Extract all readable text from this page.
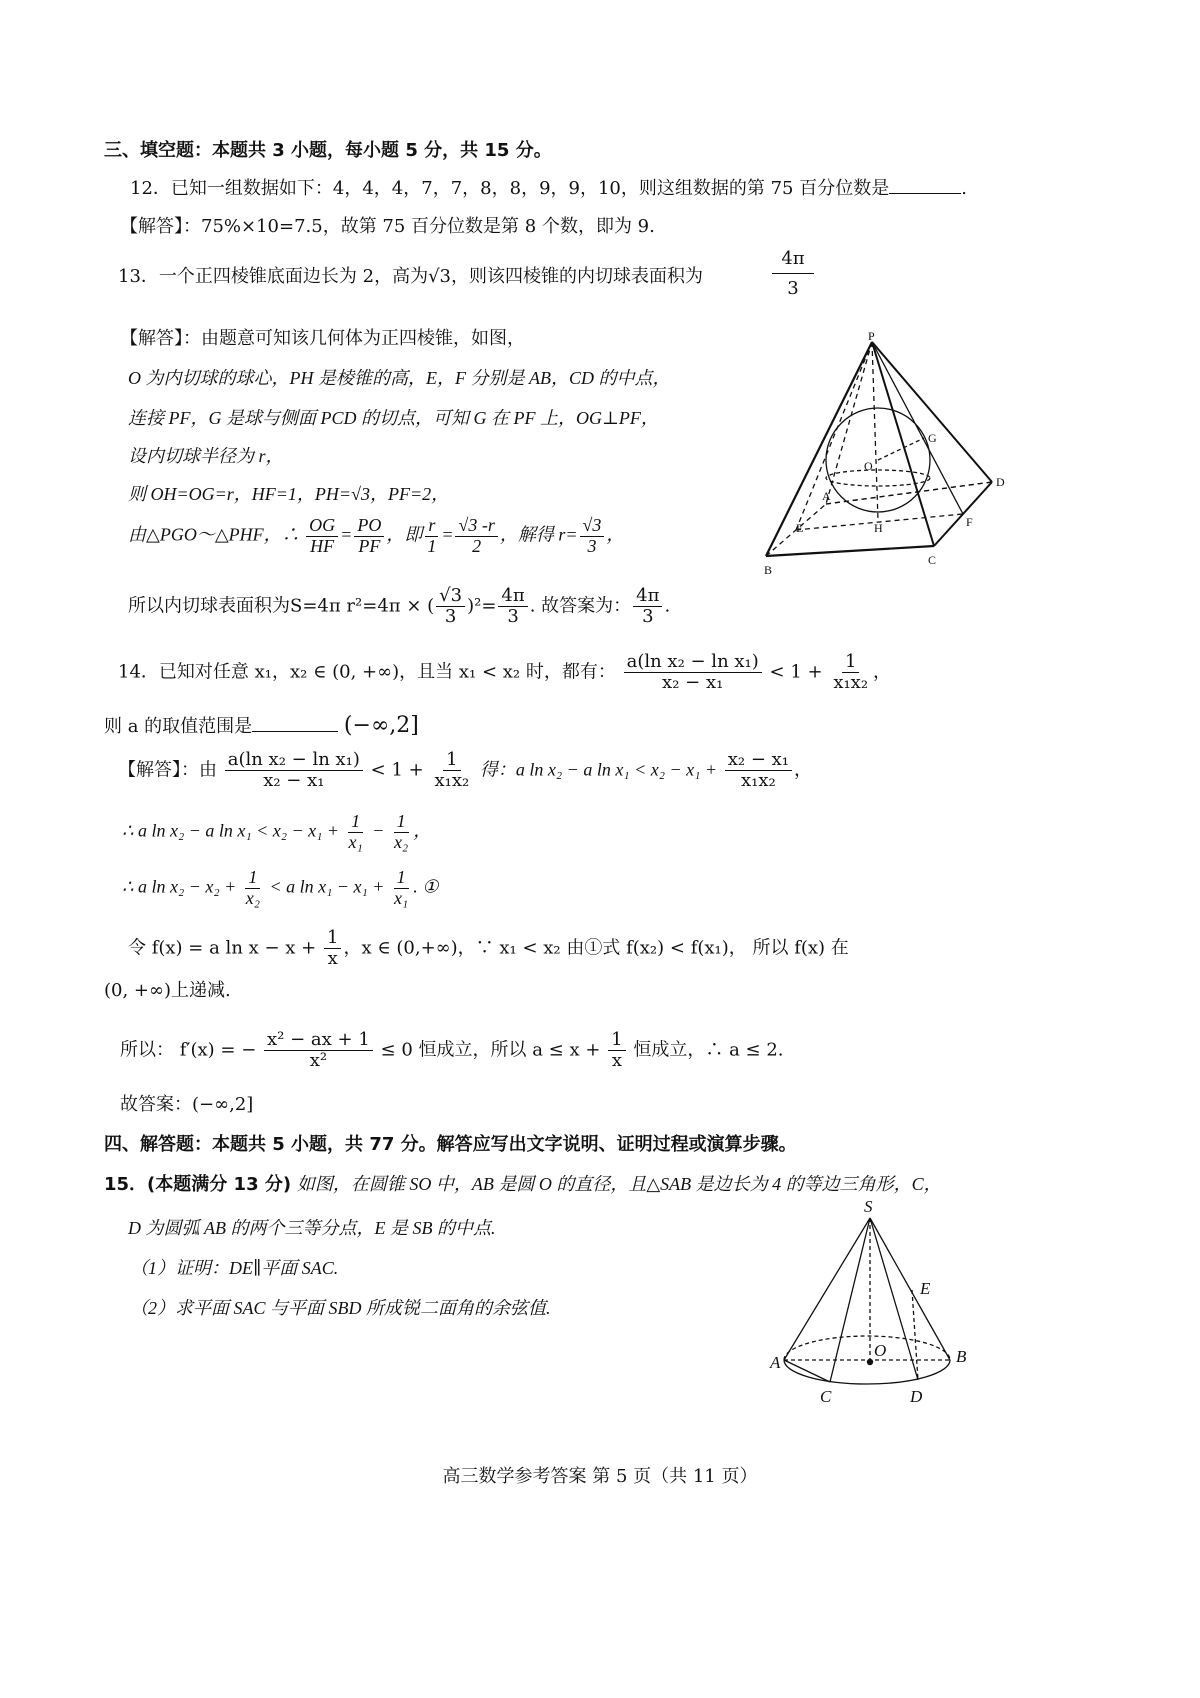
三、填空题：本题共 3 小题，每小题 5 分，共 15 分。
12．已知一组数据如下：4，4，4，7，7，8，8，9，9，10，则这组数据的第 75 百分位数是	.
【解答】：75%×10=7.5，故第 75 百分位数是第 8 个数，即为 9.
13．一个正四棱锥底面边长为 2，高为√3，则该四棱锥的内切球表面积为	$\frac{4\pi}{3}$
【解答】：由题意可知该几何体为正四棱锥，如图，
O 为内切球的球心，PH 是棱锥的高，E，F 分别是 AB，CD 的中点，
连接 PF，G 是球与侧面 PCD 的切点，可知 G 在 PF 上，OG⊥PF，
设内切球半径为 r，
则 OH=OG=r，HF=1，PH=√3，PF=2，
由△PGO～△PHF，∴ $\frac{OG}{HF} = \frac{PO}{PF}$ ，即 $\frac{r}{1} = \frac{√3 -r}{2}$ ，解得 $r= \frac{√3}{3}$ ，
所以内切球表面积为S=4π r²=4π × ( $\frac{√3}{3} )^2= \frac{4\pi}{3}$ . 故答案为： $\frac{4\pi}{3}$ .
P
G
O
D
A
E	H	F
B
C
14．已知对任意 x₁，x₂ ∈ (0, +∞)，且当 x₁ < x₂ 时，都有： $\frac{\text{a(ln x₂ − ln x₁)}}{\text{x₂ − x₁}} < 1 + \frac{1}{\text{x₁x₂}}$ ，
则 a 的取值范围是	(−∞,2]
【解答】：由 $\frac{\text{a(ln x₂ − ln x₁)}}{\text{x₂ − x₁}} < 1 + \frac{1}{\text{x₁x₂}}$ 得：a ln x₂ − a $\ln x_1 < x_2 - x_1 + \frac{\text{x₂ − x₁}}{\text{x₁x₂}}$ ，
∴ a ln x₂ − a $\ln x_1 < x_2 - x_1 + \frac{1}{\text{x₁}} - \frac{1}{\text{x₂}}$ ，
∴ a $\ln x_2 - x_2 + \frac{1}{\text{x₂}} < a$ $\ln x_1 - x_1 + \frac{1}{\text{x₁}}$ . ①
令 f(x) = a $\ln x - x + \frac{1}{x}$ ，x ∈ (0,+∞)，∵ x₁ < x₂ 由①式 f(x₂) < f(x₁)， 所以 f(x) 在
(0, +∞)上递减.
所以： f′(x) = − $\frac{\text{x² − ax + 1}}{\text{x²}} \le 0$ 恒成立，所以 $a \le x + \frac{1}{x}$ 恒成立，∴ a ≤ 2.
故答案：(−∞,2]
四、解答题：本题共 5 小题，共 77 分。解答应写出文字说明、证明过程或演算步骤。
15．(本题满分 13 分) 如图，在圆锥 SO 中，AB 是圆 O 的直径，且△SAB 是边长为 4 的等边三角形，C，
D 为圆弧 AB 的两个三等分点，E 是 SB 的中点.
（1）证明：DE∥平面 SAC.
（2）求平面 SAC 与平面 SBD 所成锐二面角的余弦值.
S
E
A
O	B
C	D
高三数学参考答案 第 5 页（共 11 页）
